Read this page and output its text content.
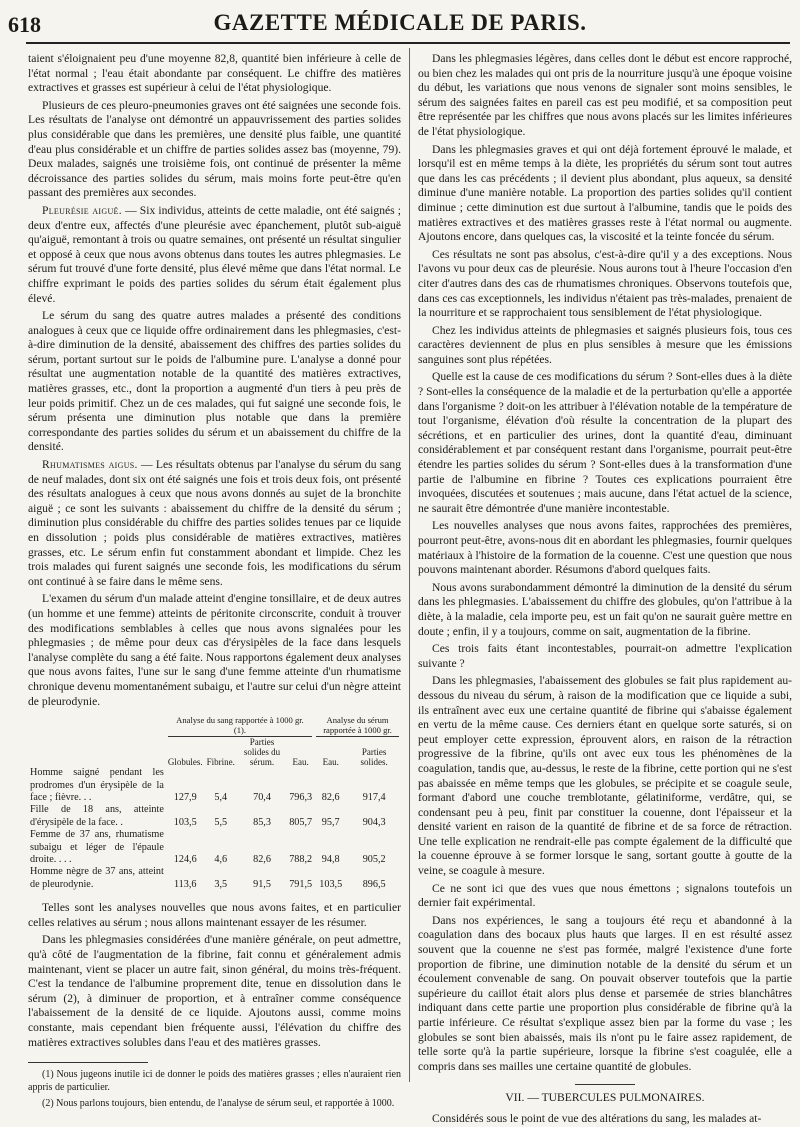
618	GAZETTE MÉDICALE DE PARIS.

taient s'éloignaient peu d'une moyenne 82,8, quantité bien inférieure à celle de l'état normal ; l'eau était abondante par conséquent. Le chiffre des matières extractives et grasses est supérieur à celui de l'état physiologique.

Plusieurs de ces pleuro-pneumonies graves ont été saignées une seconde fois. Les résultats de l'analyse ont démontré un appauvrissement des parties solides plus considérable que dans les premières, une densité plus faible, une quantité d'eau plus considérable et un chiffre de parties solides assez bas (moyenne, 79). Deux malades, saignés une troisième fois, ont continué de présenter la même décroissance des parties solides du sérum, mais moins forte peut-être qu'en passant des premières aux secondes.

Pleurésie aiguë. — Six individus, atteints de cette maladie, ont été saignés ; deux d'entre eux, affectés d'une pleurésie avec épanchement, plutôt sub-aiguë qu'aiguë, remontant à trois ou quatre semaines, ont présenté un résultat singulier et opposé à ceux que nous avons obtenus dans toutes les autres phlegmasies. Le sérum fut trouvé d'une forte densité, plus élevé même que dans l'état normal. Le chiffre exprimant le poids des parties solides du sérum était également plus élevé.

Le sérum du sang des quatre autres malades a présenté des conditions analogues à ceux que ce liquide offre ordinairement dans les phlegmasies, c'est-à-dire diminution de la densité, abaissement des chiffres des parties solides du sérum, portant surtout sur le poids de l'albumine pure. L'analyse a donné pour résultat une augmentation notable de la quantité des matières extractives, matières grasses, etc., dont la proportion a augmenté d'un tiers à peu près de leur poids primitif. Chez un de ces malades, qui fut saigné une seconde fois, le sérum présenta une diminution plus notable que dans la première correspondante des parties solides du sérum et un abaissement du chiffre de la densité.

Rhumatismes aigus. — Les résultats obtenus par l'analyse du sérum du sang de neuf malades, dont six ont été saignés une fois et trois deux fois, ont présenté des résultats analogues à ceux que nous avons donnés au sujet de la bronchite aiguë ; ce sont les suivants : abaissement du chiffre de la densité du sérum ; diminution plus considérable du chiffre des parties solides tenues par ce liquide en dissolution ; poids plus considérable de matières extractives, matières grasses, etc. Le sérum enfin fut constamment abondant et limpide. Chez les trois malades qui furent saignés une seconde fois, les modifications du sérum ont continué à se faire dans le même sens.

L'examen du sérum d'un malade atteint d'engine tonsillaire, et de deux autres (un homme et une femme) atteints de péritonite circonscrite, conduit à trouver des modifications semblables à celles que nous avons signalées pour les phlegmasies ; de même pour deux cas d'érysipèles de la face dans lesquels l'analyse complète du sang a été faite. Nous rapportons également deux analyses que nous avons faites, l'une sur le sang d'une femme atteinte d'un rhumatisme chronique devenu momentanément subaigu, et l'autre sur celui d'un nègre atteint de pleurodynie.

	Analyse du sang rapportée à 1000 gr. (1).				Analyse du sérum rapportée à 1000 gr.	
	Globules.	Fibrine.	Parties solides du sérum.	Eau.	Eau.	Parties solides.
Homme saigné pendant les prodromes d'un érysipèle de la face ; fièvre. . .	127,9	5,4	70,4	796,3	82,6	917,4
Fille de 18 ans, atteinte d'érysipèle de la face. .	103,5	5,5	85,3	805,7	95,7	904,3
Femme de 37 ans, rhumatisme subaigu et léger de l'épaule droite. . . .	124,6	4,6	82,6	788,2	94,8	905,2
Homme nègre de 37 ans, atteint de pleurodynie.	113,6	3,5	91,5	791,5	103,5	896,5

Telles sont les analyses nouvelles que nous avons faites, et en particulier celles relatives au sérum ; nous allons maintenant essayer de les résumer.

Dans les phlegmasies considérées d'une manière générale, on peut admettre, qu'à côté de l'augmentation de la fibrine, fait connu et généralement admis maintenant, vient se placer un autre fait, sinon général, du moins très-fréquent. C'est la tendance de l'albumine proprement dite, tenue en dissolution dans le sérum (2), à diminuer de proportion, et à entraîner comme conséquence l'abaissement de la densité de ce liquide. Ajoutons aussi, comme moins constante, mais cependant bien fréquente aussi, l'élévation du chiffre des matières extractives solubles dans l'eau et des matières grasses.

(1) Nous jugeons inutile ici de donner le poids des matières grasses ; elles n'auraient rien appris de particulier.

(2) Nous parlons toujours, bien entendu, de l'analyse de sérum seul, et rapportée à 1000.

Dans les phlegmasies légères, dans celles dont le début est encore rapproché, ou bien chez les malades qui ont pris de la nourriture jusqu'à une époque voisine du début, les variations que nous venons de signaler sont moins sensibles, le sérum des saignées faites en pareil cas est peu modifié, et sa composition peut être représentée par les chiffres que nous avons placés sur les limites inférieures de l'état physiologique.

Dans les phlegmasies graves et qui ont déjà fortement éprouvé le malade, et lorsqu'il est en même temps à la diète, les propriétés du sérum sont tout autres que dans les cas précédents ; il devient plus abondant, plus aqueux, sa densité diminue d'une manière notable. La proportion des parties solides qu'il contient diminue ; cette diminution est due surtout à l'albumine, tandis que le poids des matières extractives et des matières grasses reste à l'état normal ou augmente. Ajoutons encore, dans quelques cas, la viscosité et la teinte foncée du sérum.

Ces résultats ne sont pas absolus, c'est-à-dire qu'il y a des exceptions. Nous l'avons vu pour deux cas de pleurésie. Nous aurons tout à l'heure l'occasion d'en citer d'autres dans des cas de rhumatismes chroniques. Observons toutefois que, dans ces cas exceptionnels, les individus n'étaient pas très-malades, prenaient de la nourriture et se rapprochaient tous sensiblement de l'état physiologique.

Chez les individus atteints de phlegmasies et saignés plusieurs fois, tous ces caractères deviennent de plus en plus sensibles à mesure que les émissions sanguines sont plus répétées.

Quelle est la cause de ces modifications du sérum ? Sont-elles dues à la diète ? Sont-elles la conséquence de la maladie et de la perturbation qu'elle a apportée dans l'organisme ? doit-on les attribuer à l'élévation notable de la température de tout l'organisme, élévation d'où résulte la concentration de la plupart des sécrétions, et en particulier des urines, dont la quantité d'eau, diminuant considérablement et par conséquent restant dans l'organisme, pourrait peut-être étendre les parties solides du sérum ? Sont-elles dues à la transformation d'une partie de l'albumine en fibrine ? Toutes ces explications pourraient être invoquées, discutées et soutenues ; mais aucune, dans l'état actuel de la science, ne saurait être démontrée d'une manière incontestable.

Les nouvelles analyses que nous avons faites, rapprochées des premières, pourront peut-être, avons-nous dit en abordant les phlegmasies, fournir quelques matériaux à l'histoire de la formation de la couenne. C'est une question que nous pouvons maintenant aborder. Résumons d'abord quelques faits.

Nous avons surabondamment démontré la diminution de la densité du sérum dans les phlegmasies. L'abaissement du chiffre des globules, qu'on l'attribue à la diète, à la maladie, cela importe peu, est un fait qu'on ne saurait guère mettre en doute ; enfin, il y a toujours, comme on sait, augmentation de la fibrine.

Ces trois faits étant incontestables, pourrait-on admettre l'explication suivante ?

Dans les phlegmasies, l'abaissement des globules se fait plus rapidement au-dessous du niveau du sérum, à raison de la modification que ce liquide a subi, ils entraînent avec eux une certaine quantité de fibrine qui s'abaisse également en vertu de la même cause. Ces derniers étant en quelque sorte saturés, si on peut employer cette expression, éprouvent alors, en raison de la rétraction progressive de la fibrine, qu'ils ont avec eux tous les phénomènes de la coagulation, tandis que, au-dessus, le reste de la fibrine, cette portion qui ne s'est pas abaissée en même temps que les globules, se précipite et se coagule seule, formant d'abord une couche tremblotante, gélatiniforme, verdâtre, qui, se condensant peu à peu, finit par constituer la couenne, dont l'épaisseur et la densité varient en raison de la quantité de fibrine et de sa force de rétraction. Une telle explication ne rendrait-elle pas compte également de la difficulté que la couenne éprouve à se former lorsque le sang, sortant goutte à goutte de la veine, se coagule à mesure.

Ce ne sont ici que des vues que nous émettons ; signalons toutefois un dernier fait expérimental.

Dans nos expériences, le sang a toujours été reçu et abandonné à la coagulation dans des bocaux plus hauts que larges. Il en est résulté assez souvent que la couenne ne s'est pas formée, malgré l'existence d'une forte proportion de fibrine, une diminution notable de la densité du sérum et un écoulement convenable de sang. On pouvait observer toutefois que la partie supérieure du caillot était alors plus dense et parsemée de stries blanchâtres indiquant dans cette partie une proportion plus considérable de fibrine qu'à la partie inférieure. Ce résultat s'explique assez bien par la forme du vase ; les globules se sont bien abaissés, mais ils n'ont pu le faire assez rapidement, de telle sorte qu'à la partie supérieure, lorsque la fibrine s'est coagulée, elle a compris dans ses mailles une certaine quantité de globules.

VII. — TUBERCULES PULMONAIRES.

Considérés sous le point de vue des altérations du sang, les malades at-
